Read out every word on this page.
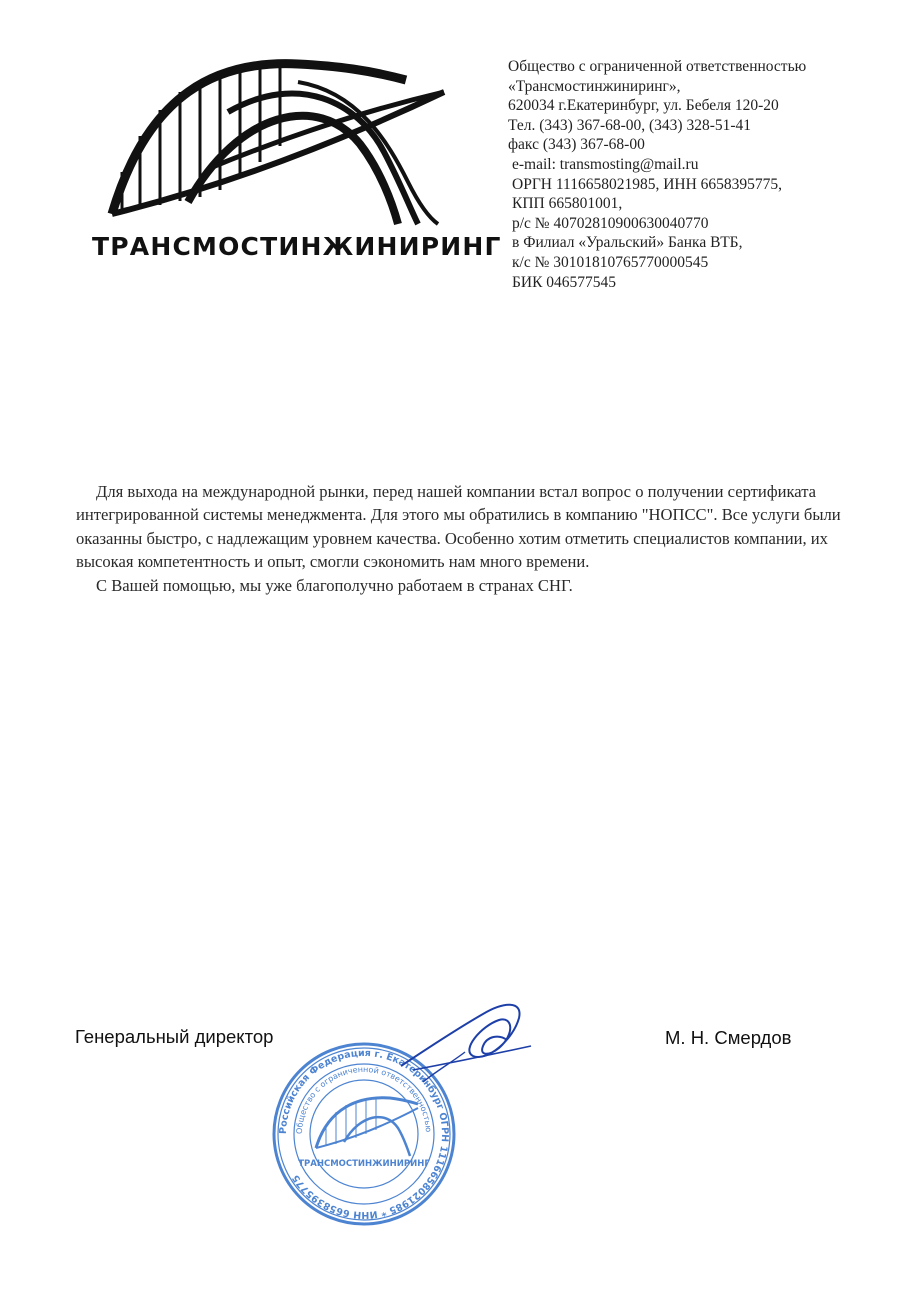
ТРАНСМОСТИНЖИНИРИНГ
Общество с ограниченной ответственностью
«Трансмостинжиниринг»,
620034 г.Екатеринбург, ул. Бебеля 120-20
Тел. (343) 367-68-00, (343) 328-51-41
факс (343) 367-68-00
e-mail: transmosting@mail.ru
ОРГН 1116658021985, ИНН 6658395775,
КПП 665801001,
р/с № 40702810900630040770
в Филиал «Уральский» Банка ВТБ,
к/с № 30101810765770000545
БИК 046577545

Для выхода на международной рынки, перед нашей компании встал вопрос о получении сертификата интегрированной системы менеджмента. Для этого мы обратились в компанию "НОПСС". Все услуги были оказанны быстро, с надлежащим уровнем качества. Особенно хотим отметить специалистов компании, их высокая компетентность и опыт, смогли сэкономить нам много времени.

С Вашей помощью, мы уже благополучно работаем в странах СНГ.

Генеральный директор	М. Н. Смердов
Российская Федерация г. Екатеринбург ОГРН 1116658021985 * ИНН 6658395775
Общество с ограниченной ответственностью
ТРАНСМОСТИНЖИНИРИНГ
